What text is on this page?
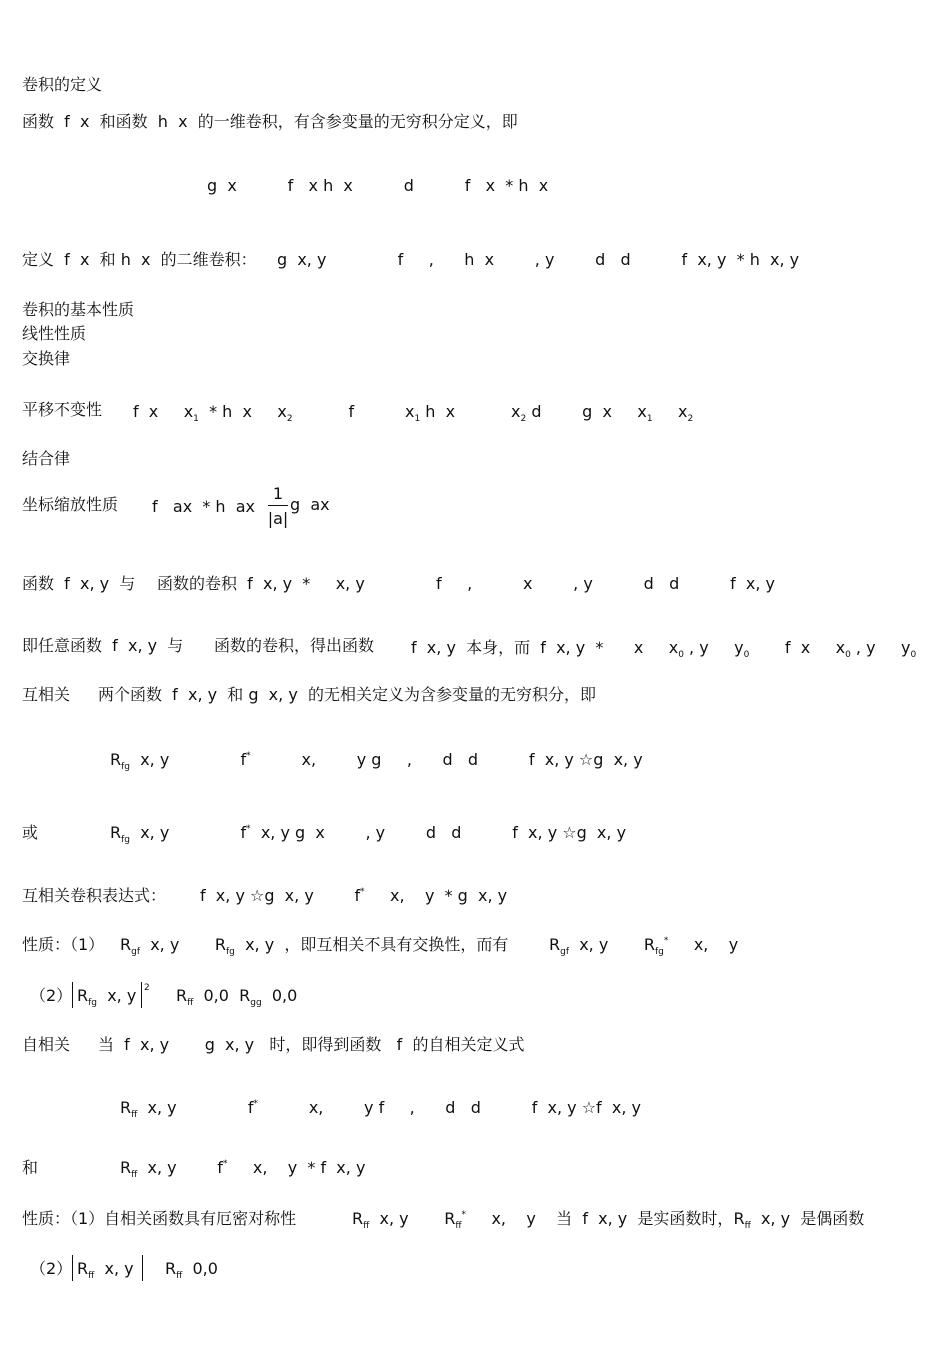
卷积的定义
函数  f  x  和函数  h  x  的一维卷积，有含参变量的无穷积分定义，即
g  x          f   x h  x          d          f   x  * h  x
定义  f  x  和 h  x  的二维卷积： g  x, y              f     ,      h  x        , y        d   d          f  x, y  * h  x, y
卷积的基本性质
线性性质
交换律
平移不变性 f  x     $x_1$  * h  x     $x_2$           f          $x_1$ h  x           $x_2$ d        g  x     $x_1$     $x_2$
结合律
坐标缩放性质 f   ax  * h  ax
1
|a|
g  ax
函数  f  x, y  与 函数的卷积  f  x, y  *     x, y              f     ,          x        , y          d   d          f  x, y
即任意函数  f  x, y  与 函数的卷积，得出函数 f  x, y  本身，而  f  x, y  *      x     $x_0$ , y     $y_0$       f  x     $x_0$ , y     $y_0$
互相关 两个函数  f  x, y  和 g  x, y  的无相关定义为含参变量的无穷积分，即
$R_{fg}$  x, y              f*          x,        y g     ,      d   d          f  x, y ☆g  x, y
或	$R_{fg}$  x, y              f*  x, y g  x        , y        d   d          f  x, y ☆g  x, y
互相关卷积表达式： f  x, y ☆g  x, y        f*     x,    y  * g  x, y
性质：（1） $R_{gf}$  x, y       $R_{fg}$  x, y  ，即互相关不具有交换性，而有	$R_{gf}$  x, y       $R_{fg}^*$     x,    y
（2） $R_{fg}$  x, y 2 $R_{ff}$  0,0  $R_{gg}$  0,0
自相关 当  f  x, y       g  x, y   时，即得到函数   f  的自相关定义式
$R_{ff}$  x, y              f*          x,        y f     ,      d   d          f  x, y ☆f  x, y
和	$R_{ff}$  x, y        f*     x,    y  * f  x, y
性质：（1）自相关函数具有厄密对称性	$R_{ff}$  x, y       $R_{ff}^*$     x,    y    当  f  x, y  是实函数时，$R_{ff}$  x, y  是偶函数
（2） $R_{ff}$  x, y $R_{ff}$  0,0
